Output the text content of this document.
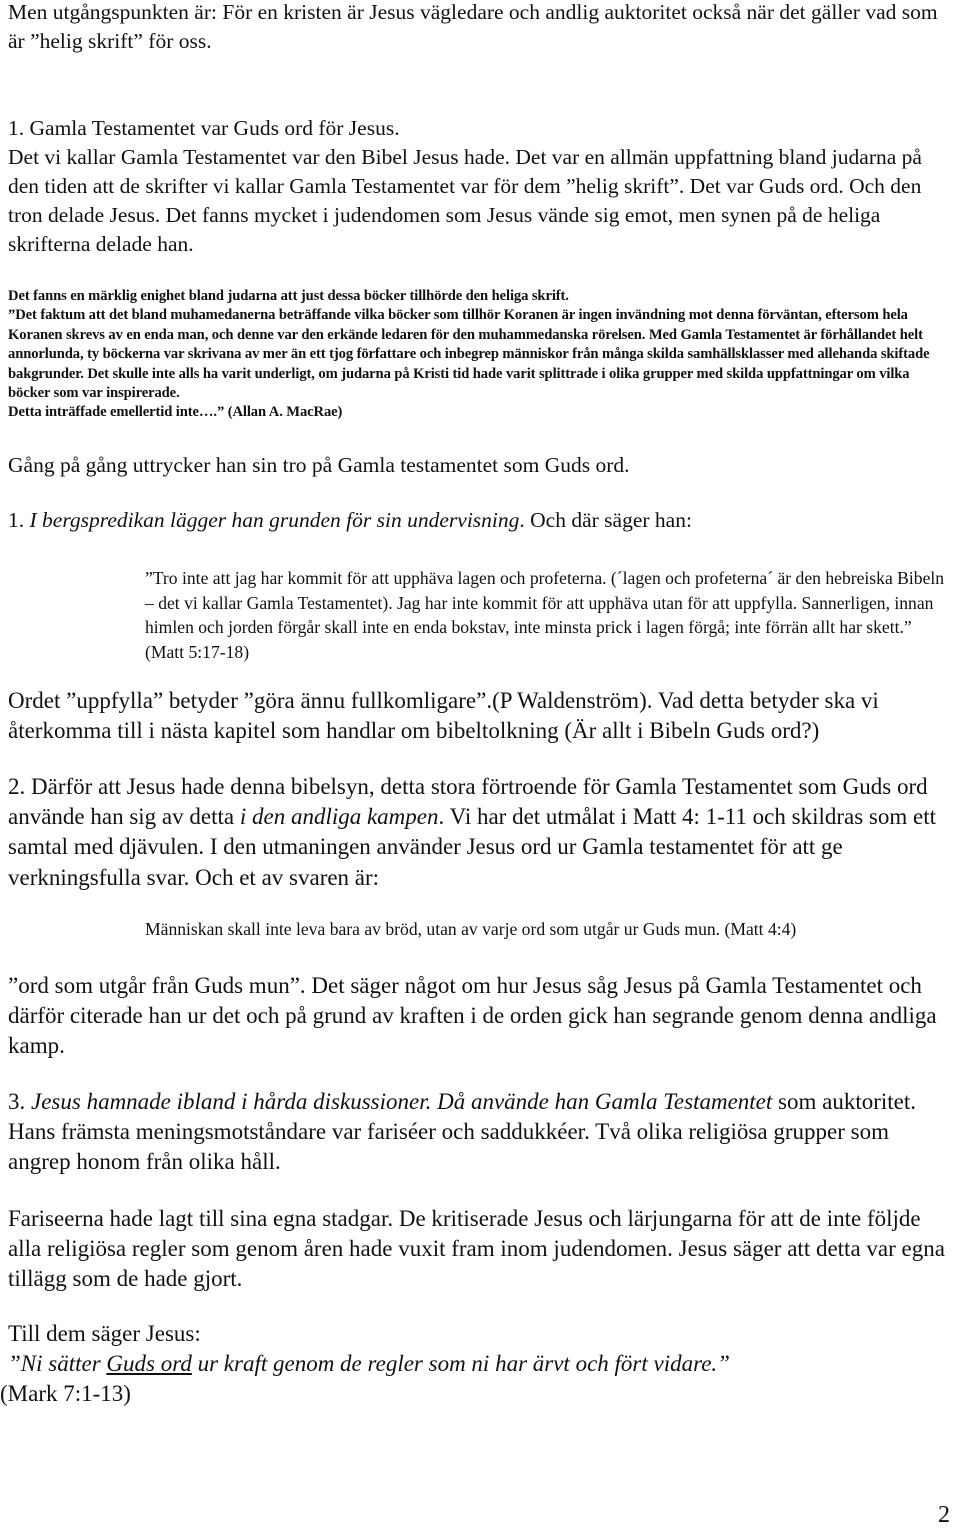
Men utgångspunkten är: För en kristen är Jesus vägledare och andlig auktoritet också när det gäller vad som är ”helig skrift” för oss.

1. Gamla Testamentet var Guds ord för Jesus.
Det vi kallar Gamla Testamentet var den Bibel Jesus hade. Det var en allmän uppfattning bland judarna på den tiden att de skrifter vi kallar Gamla Testamentet var för dem ”helig skrift”. Det var Guds ord. Och den tron delade Jesus. Det fanns mycket i judendomen som Jesus vände sig emot, men synen på de heliga skrifterna delade han.
Det fanns en märklig enighet bland judarna att just dessa böcker tillhörde den heliga skrift.
”Det faktum att det bland muhamedanerna beträffande vilka böcker som tillhör Koranen är ingen invändning mot denna förväntan, eftersom hela Koranen skrevs av en enda man, och denne var den erkände ledaren för den muhammedanska rörelsen. Med Gamla Testamentet är förhållandet helt annorlunda, ty böckerna var skrivana av mer än ett tjog författare och inbegrep människor från många skilda samhällsklasser med allehanda skiftade bakgrunder. Det skulle inte alls ha varit underligt, om judarna på Kristi tid hade varit splittrade i olika grupper med skilda uppfattningar om vilka böcker som var inspirerade.
Detta inträffade emellertid inte….” (Allan A. MacRae)

Gång på gång uttrycker han sin tro på Gamla testamentet som Guds ord.

1. I bergspredikan lägger han grunden för sin undervisning. Och där säger han:

”Tro inte att jag har kommit för att upphäva lagen och profeterna. (´lagen och profeterna´ är den hebreiska Bibeln – det vi kallar Gamla Testamentet). Jag har inte kommit för att upphäva utan för att uppfylla. Sannerligen, innan himlen och jorden förgår skall inte en enda bokstav, inte minsta prick i lagen förgå; inte förrän allt har skett.” (Matt 5:17-18)

Ordet ”uppfylla” betyder ”göra ännu fullkomligare”.(P Waldenström). Vad detta betyder ska vi återkomma till i nästa kapitel som handlar om bibeltolkning (Är allt i Bibeln Guds ord?)

2. Därför att Jesus hade denna bibelsyn, detta stora förtroende för Gamla Testamentet som Guds ord använde han sig av detta i den andliga kampen. Vi har det utmålat i Matt 4: 1-11 och skildras som ett samtal med djävulen. I den utmaningen använder Jesus ord ur Gamla testamentet för att ge verkningsfulla svar. Och et av svaren är:

Människan skall inte leva bara av bröd, utan av varje ord som utgår ur Guds mun. (Matt 4:4)

”ord som utgår från Guds mun”. Det säger något om hur Jesus såg Jesus på Gamla Testamentet och därför citerade han ur det och på grund av kraften i de orden gick han segrande genom denna andliga kamp.

3. Jesus hamnade ibland i hårda diskussioner. Då använde han Gamla Testamentet som auktoritet. Hans främsta meningsmotståndare var fariséer och saddukkéer. Två olika religiösa grupper som angrep honom från olika håll.

Fariseerna hade lagt till sina egna stadgar. De kritiserade Jesus och lärjungarna för att de inte följde alla religiösa regler som genom åren hade vuxit fram inom judendomen. Jesus säger att detta var egna tillägg som de hade gjort.

Till dem säger Jesus:
”Ni sätter Guds ord ur kraft genom de regler som ni har ärvt och fört vidare.”
(Mark 7:1-13)
2
